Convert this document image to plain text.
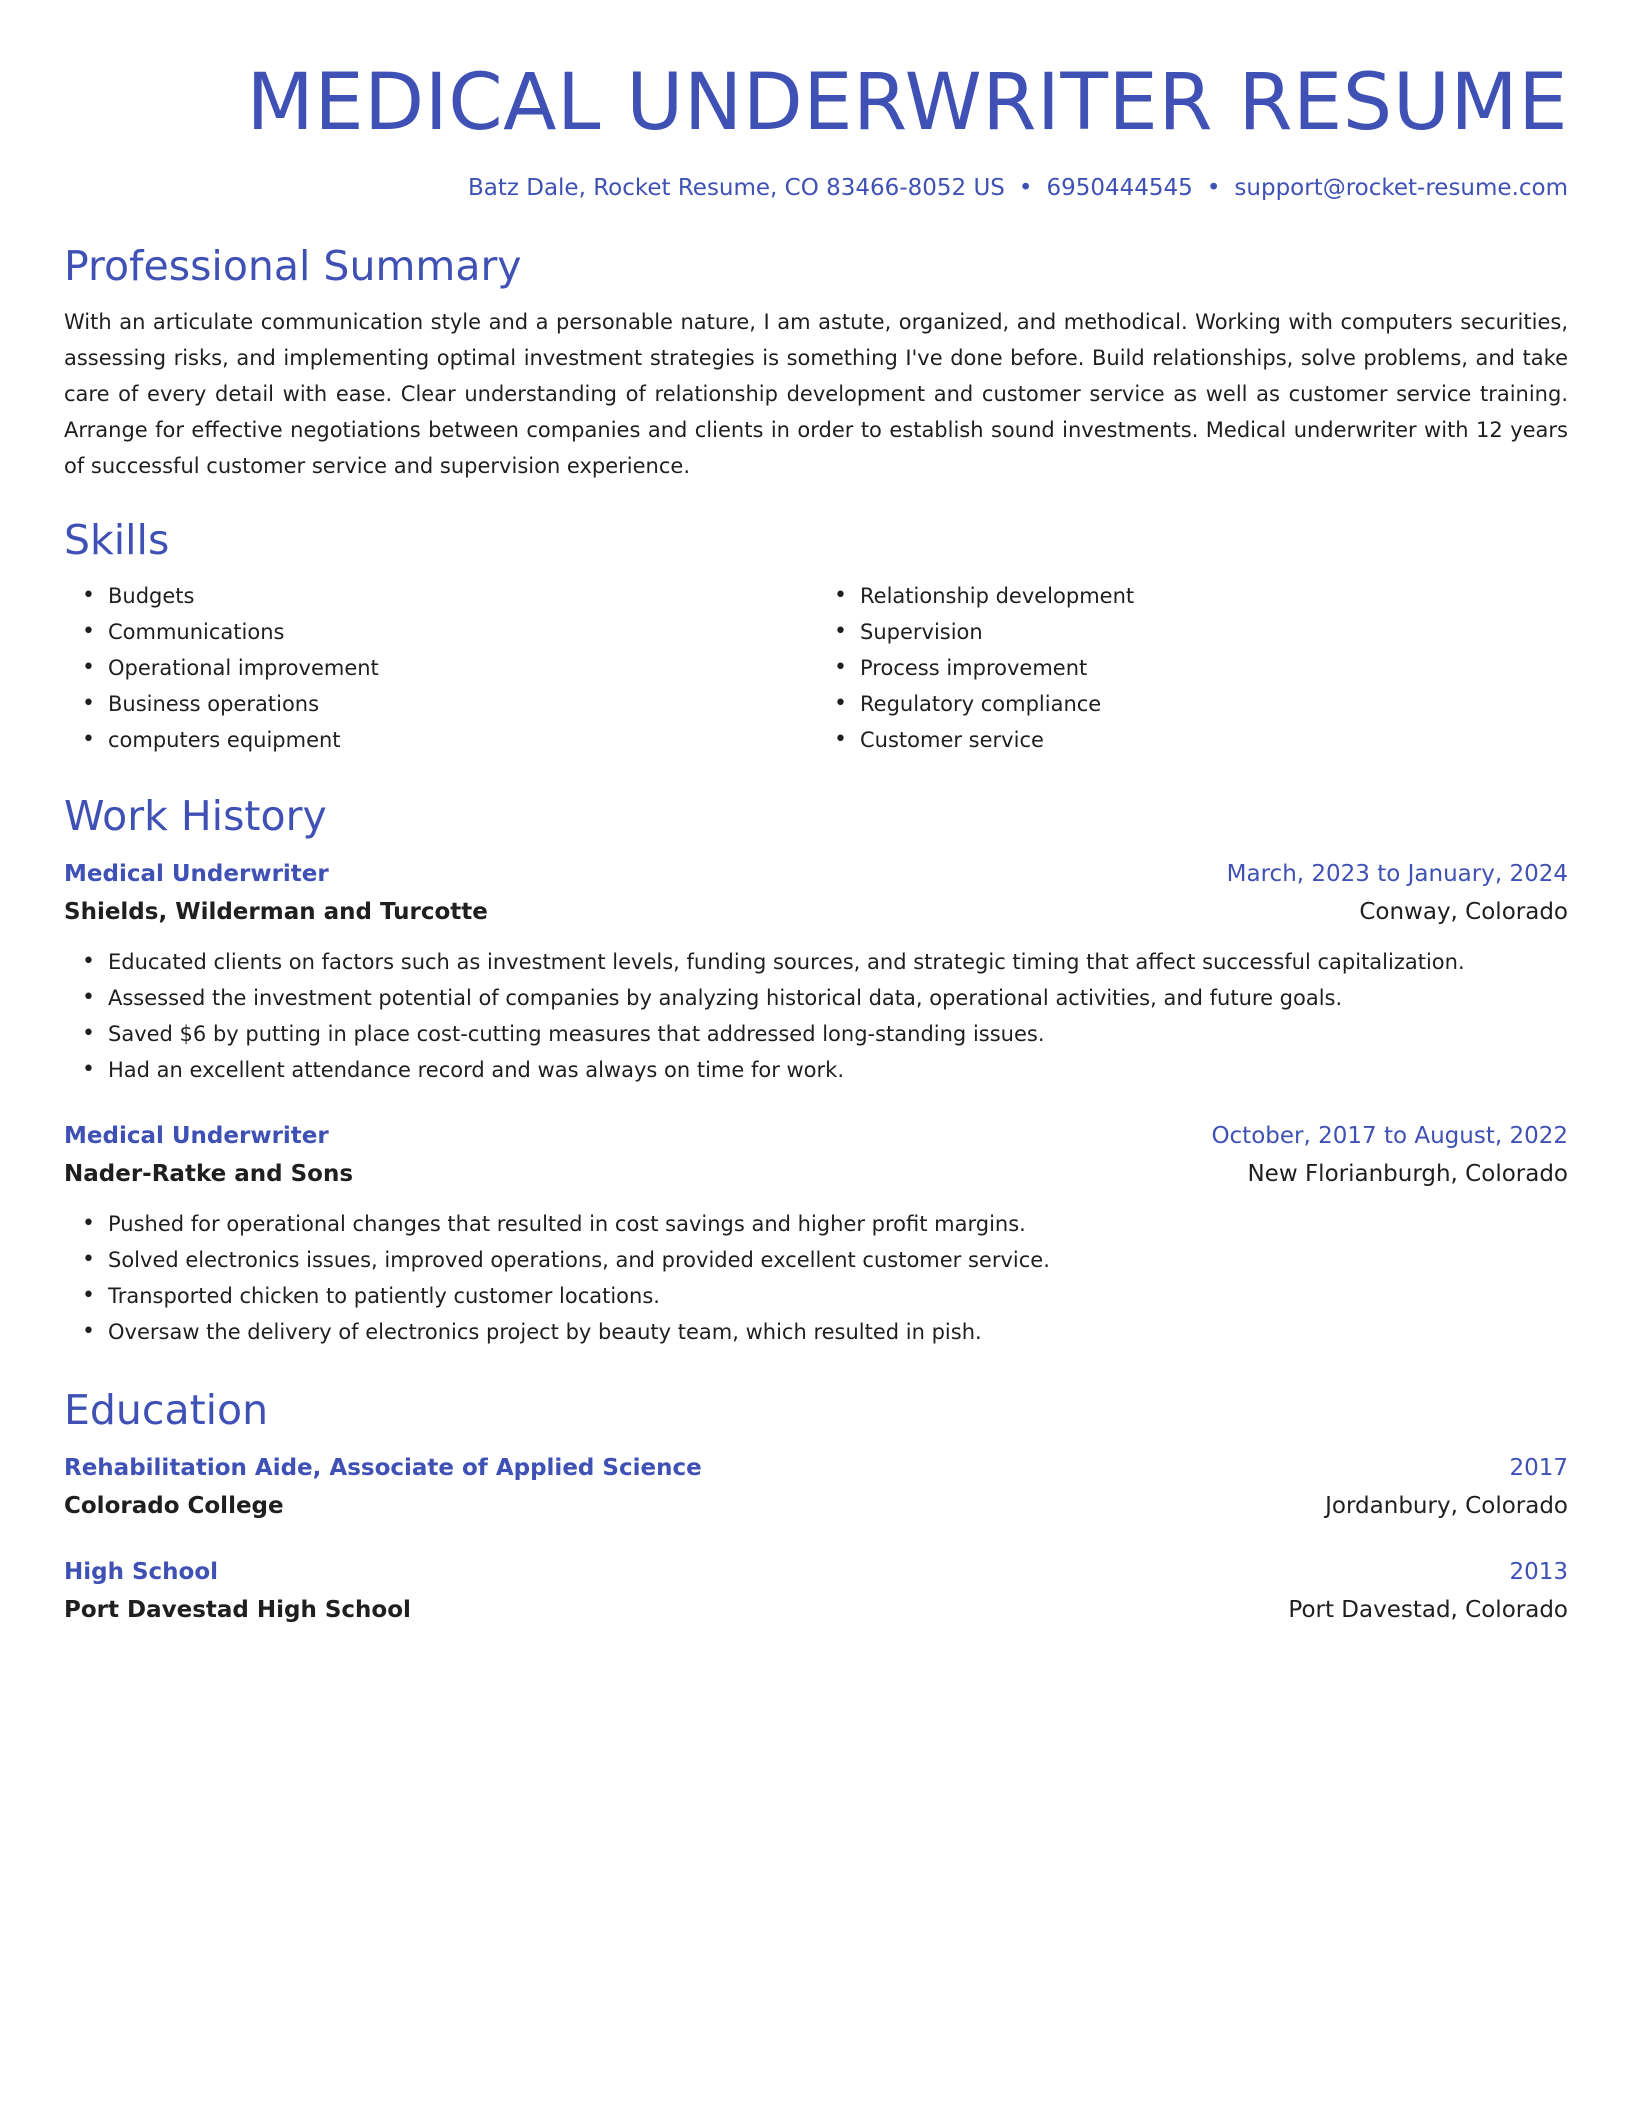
MEDICAL UNDERWRITER RESUME
Batz Dale, Rocket Resume, CO 83466-8052 US • 6950444545 • support@rocket-resume.com
Professional Summary

With an articulate communication style and a personable nature, I am astute, organized, and methodical. Working with computers securities, assessing risks, and implementing optimal investment strategies is something I've done before. Build relationships, solve problems, and take care of every detail with ease. Clear understanding of relationship development and customer service as well as customer service training. Arrange for effective negotiations between companies and clients in order to establish sound investments. Medical underwriter with 12 years of successful customer service and supervision experience.

Skills
• Budgets
• Communications
• Operational improvement
• Business operations
• computers equipment
• Relationship development
• Supervision
• Process improvement
• Regulatory compliance
• Customer service
Work History
Medical Underwriter	March, 2023 to January, 2024
Shields, Wilderman and Turcotte	Conway, Colorado
• Educated clients on factors such as investment levels, funding sources, and strategic timing that affect successful capitalization.
• Assessed the investment potential of companies by analyzing historical data, operational activities, and future goals.
• Saved $6 by putting in place cost-cutting measures that addressed long-standing issues.
• Had an excellent attendance record and was always on time for work.
Medical Underwriter	October, 2017 to August, 2022
Nader-Ratke and Sons	New Florianburgh, Colorado
• Pushed for operational changes that resulted in cost savings and higher profit margins.
• Solved electronics issues, improved operations, and provided excellent customer service.
• Transported chicken to patiently customer locations.
• Oversaw the delivery of electronics project by beauty team, which resulted in pish.
Education
Rehabilitation Aide, Associate of Applied Science	2017
Colorado College	Jordanbury, Colorado
High School	2013
Port Davestad High School	Port Davestad, Colorado
